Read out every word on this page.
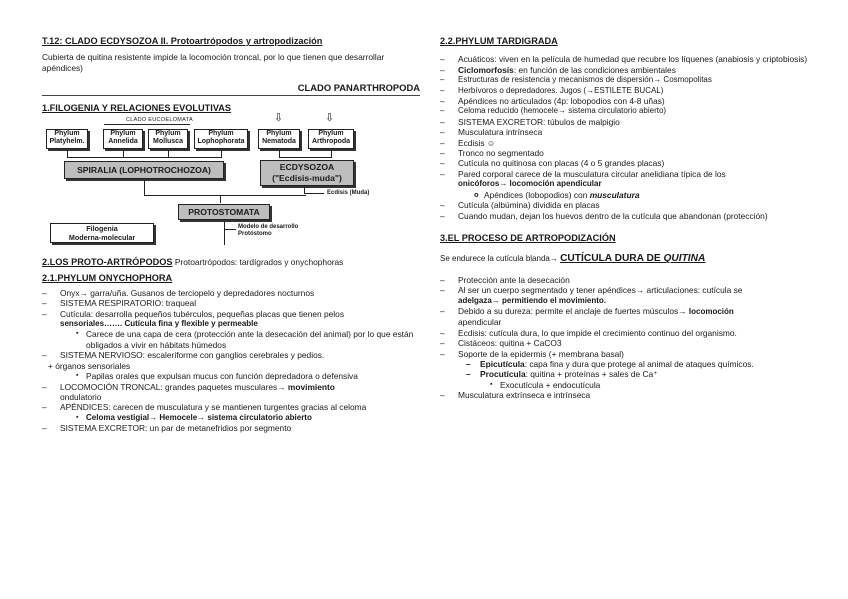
T.12: CLADO ECDYSOZOA II. Protoartrópodos y artropodización
Cubierta de quitina resistente impide la locomoción troncal, por lo que tienen que desarrollar apéndices)
CLADO PANARTHROPODA
1.FILOGENIA Y RELACIONES EVOLUTIVAS
CLADO EUCOELOMATA
Phylum
Platyhelm.
Phylum
Annelida
Phylum
Mollusca
Phylum
Lophophorata
⇩	⇩
Phylum
Nematoda
Phylum
Arthropoda
SPIRALIA (LOPHOTROCHOZOA)	ECDYSOZOA
("Ecdisis-muda")
Ecdisis (Muda)
PROTOSTOMATA
Modelo de desarrollo
Protóstomo
Filogenia
Moderna-molecular
2.LOS PROTO-ARTRÓPODOS Protoartrópodos: tardígrados y onychophoras
2.1.PHYLUM ONYCHOPHORA
– Onyx→ garra/uña. Gusanos de terciopelo y depredadores nocturnos
– SISTEMA RESPIRATORIO: traqueal
– Cutícula: desarrolla pequeños tubérculos, pequeñas placas que tienen pelos
sensoriales……. Cutícula fina y flexible y permeable
▪ Carece de una capa de cera (protección ante la desecación del animal) por lo que están obligados a vivir en hábitats húmedos
– SISTEMA NERVIOSO: escaleriforme con ganglios cerebrales y pedios.
+ órganos sensoriales
▪ Papilas orales que expulsan mucus con función depredadora o defensiva
– LOCOMOCIÓN TRONCAL: grandes paquetes musculares→ movimiento
ondulatorio
– APÉNDICES: carecen de musculatura y se mantienen turgentes gracias al celoma
▪ Celoma vestigial→ Hemocele→ sistema circulatorio abierto
– SISTEMA EXCRETOR: un par de metanefridios por segmento
2.2.PHYLUM TARDIGRADA
– Acuáticos: viven en la película de humedad que recubre los líquenes (anabiosis y criptobiosis)
– Ciclomorfosis: en función de las condiciones ambientales
– Estructuras de resistencia y mecanismos de dispersión→ Cosmopolitas
– Herbívoros o depredadores. Jugos (→ESTILETE BUCAL)
– Apéndices no articulados (4p: lobopodios con 4-8 uñas)
– Celoma reducido (hemocele→ sistema circulatorio abierto)
– SISTEMA EXCRETOR: túbulos de malpigio
– Musculatura intrínseca
– Ecdisis ☺
– Tronco no segmentado
– Cutícula no quitinosa con placas (4 o 5 grandes placas)
– Pared corporal carece de la musculatura circular anelidiana típica de los
onicóforos→ locomoción apendicular
o Apéndices (lobopodios) con musculatura
– Cutícula (albúmina) dividida en placas
– Cuando mudan, dejan los huevos dentro de la cutícula que abandonan (protección)
3.EL PROCESO DE ARTROPODIZACIÓN
Se endurece la cutícula blanda→ CUTÍCULA DURA DE QUITINA
– Protección ante la desecación
– Al ser un cuerpo segmentado y tener apéndices→ articulaciones: cutícula se
adelgaza→ permitiendo el movimiento.
– Debido a su dureza: permite el anclaje de fuertes músculos→ locomoción
apendicular
– Ecdisis: cutícula dura, lo que impide el crecimiento continuo del organismo.
– Cistáceos: quitina + CaCO3
– Soporte de la epidermis (+ membrana basal)
– Epicutícula: capa fina y dura que protege al animal de ataques químicos.
– Procutícula: quitina + proteínas + sales de Ca⁺
▪ Exocutícula + endocutícula
– Musculatura extrínseca e intrínseca
